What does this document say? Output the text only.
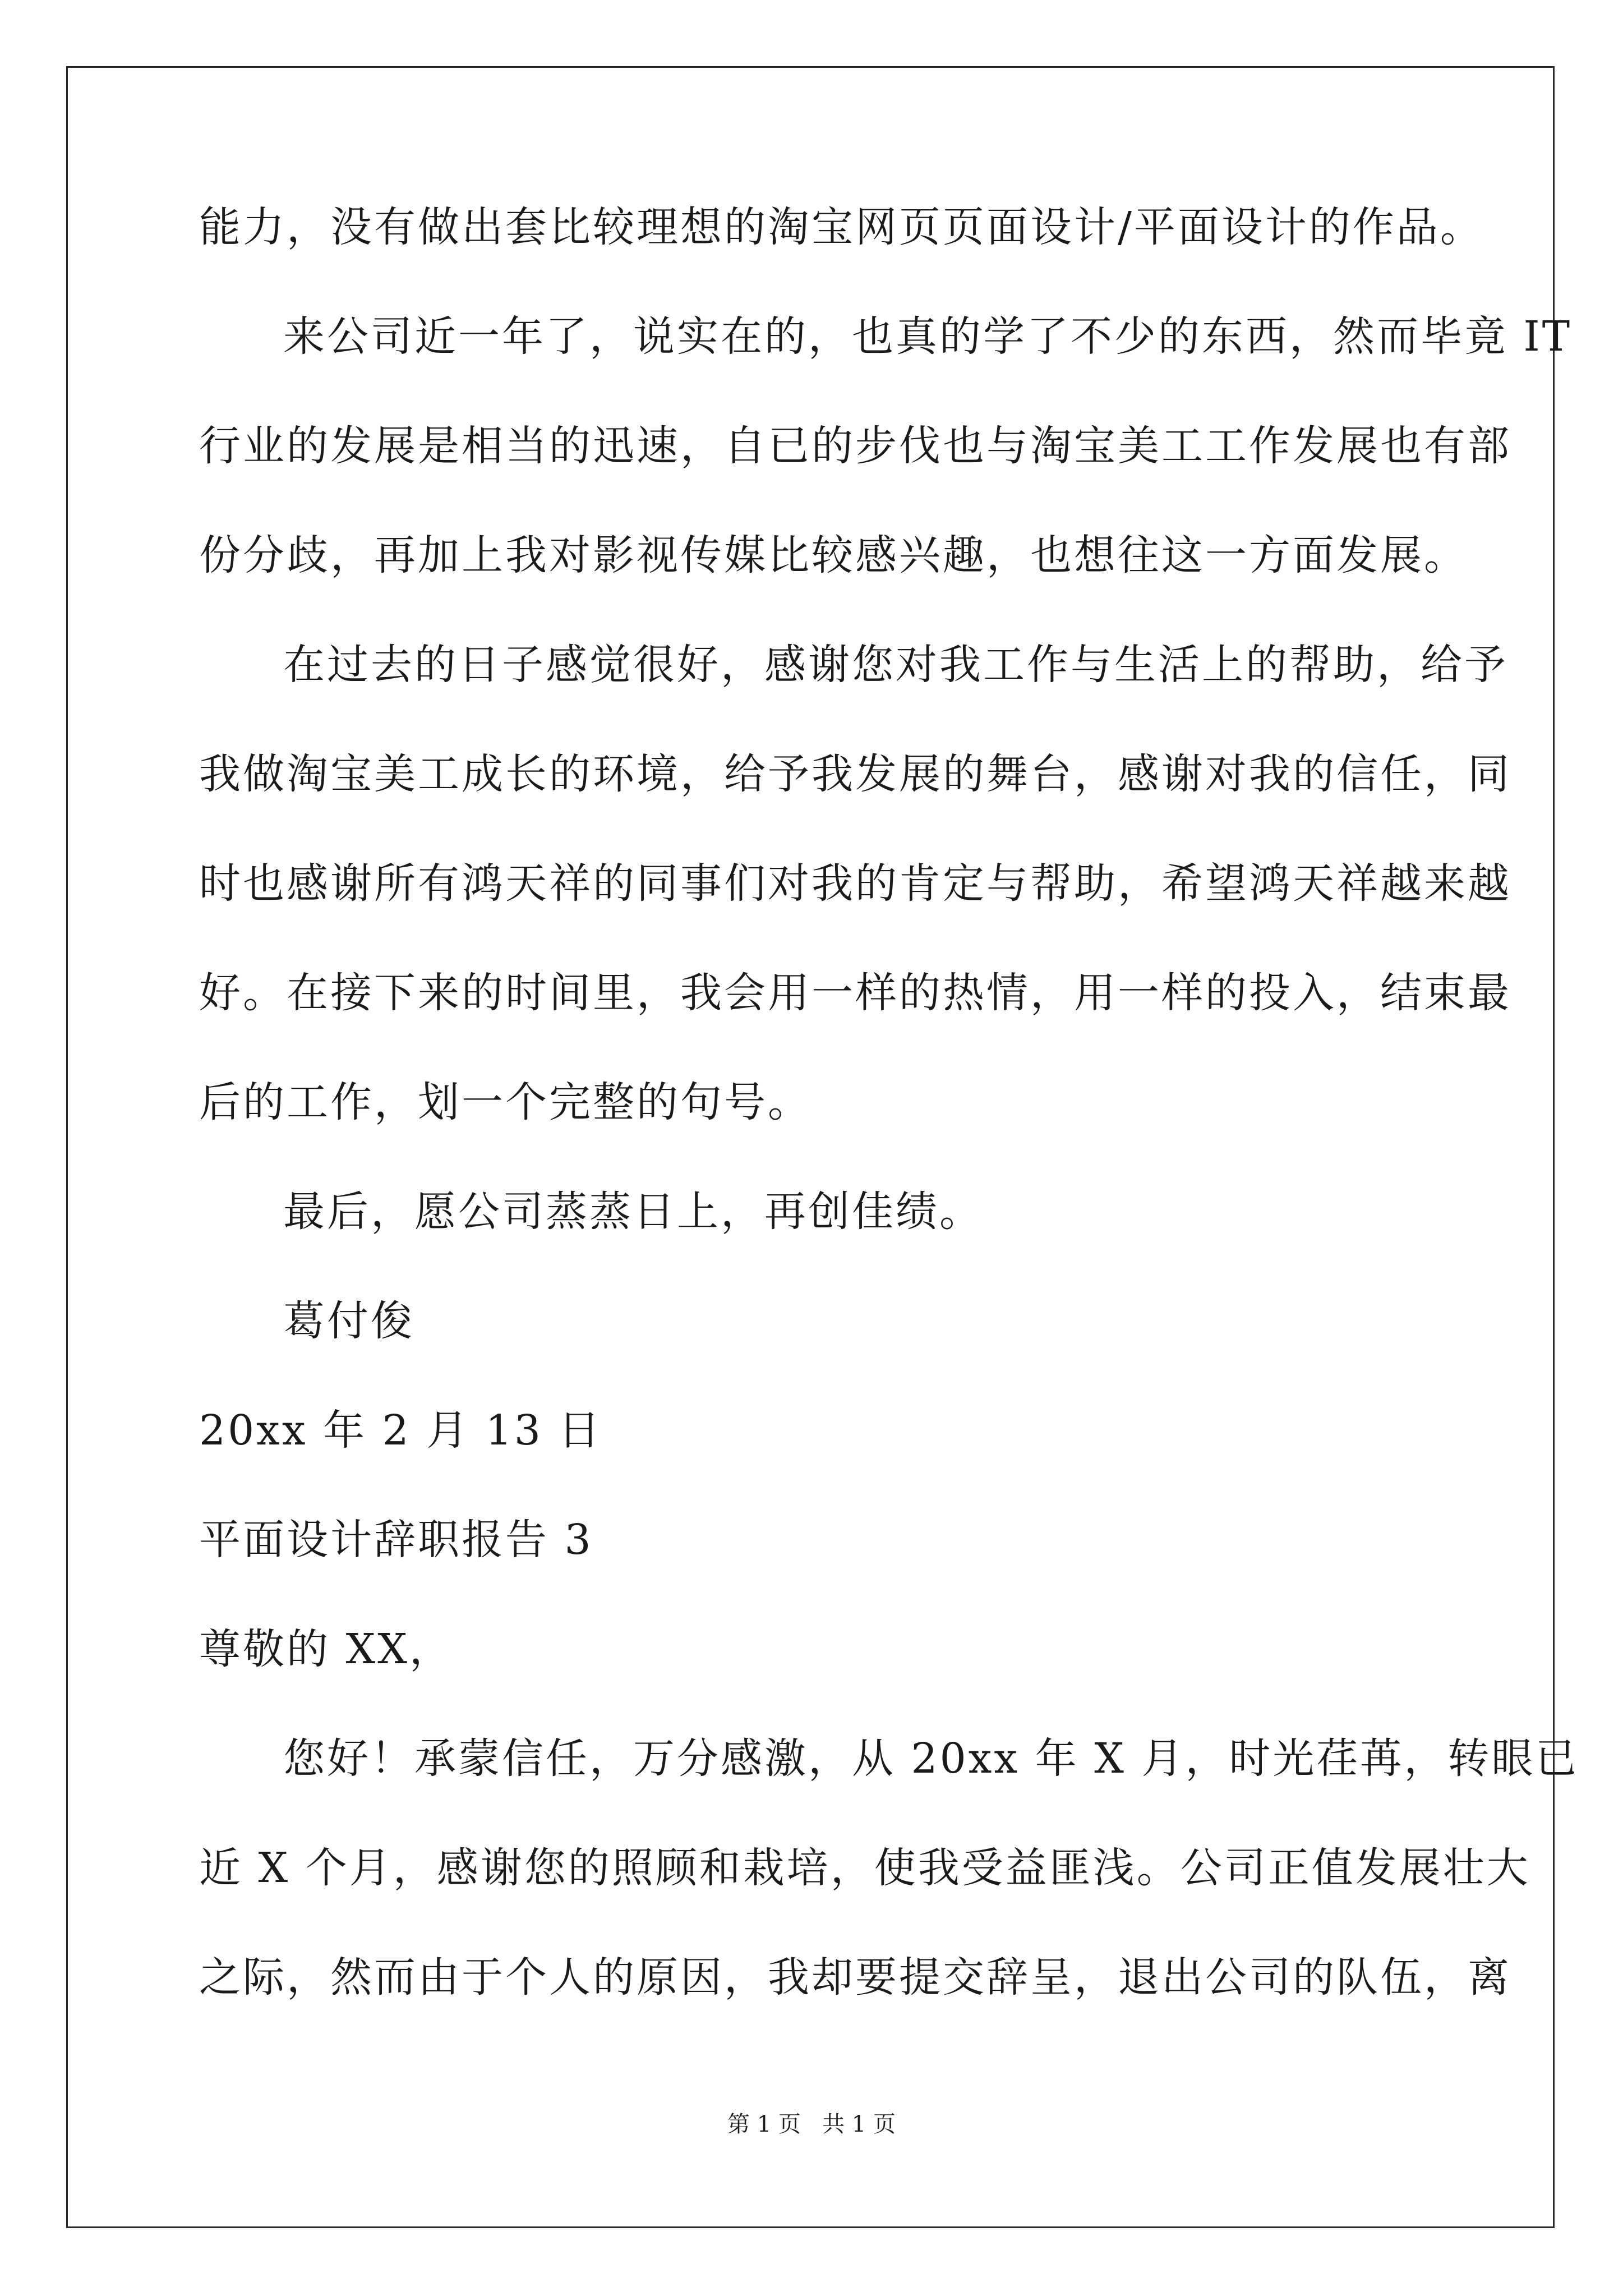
能力，没有做出套比较理想的淘宝网页页面设计/平面设计的作品。

来公司近一年了，说实在的，也真的学了不少的东西，然而毕竟 IT

行业的发展是相当的迅速，自已的步伐也与淘宝美工工作发展也有部

份分歧，再加上我对影视传媒比较感兴趣，也想往这一方面发展。

在过去的日子感觉很好，感谢您对我工作与生活上的帮助，给予

我做淘宝美工成长的环境，给予我发展的舞台，感谢对我的信任，同

时也感谢所有鸿天祥的同事们对我的肯定与帮助，希望鸿天祥越来越

好。在接下来的时间里，我会用一样的热情，用一样的投入，结束最

后的工作，划一个完整的句号。

最后，愿公司蒸蒸日上，再创佳绩。

葛付俊

20xx 年 2 月 13 日

平面设计辞职报告 3

尊敬的 XX，

您好！承蒙信任，万分感激，从 20xx 年 X 月，时光荏苒，转眼已

近 X 个月，感谢您的照顾和栽培，使我受益匪浅。公司正值发展壮大

之际，然而由于个人的原因，我却要提交辞呈，退出公司的队伍，离

第 1 页   共 1 页
